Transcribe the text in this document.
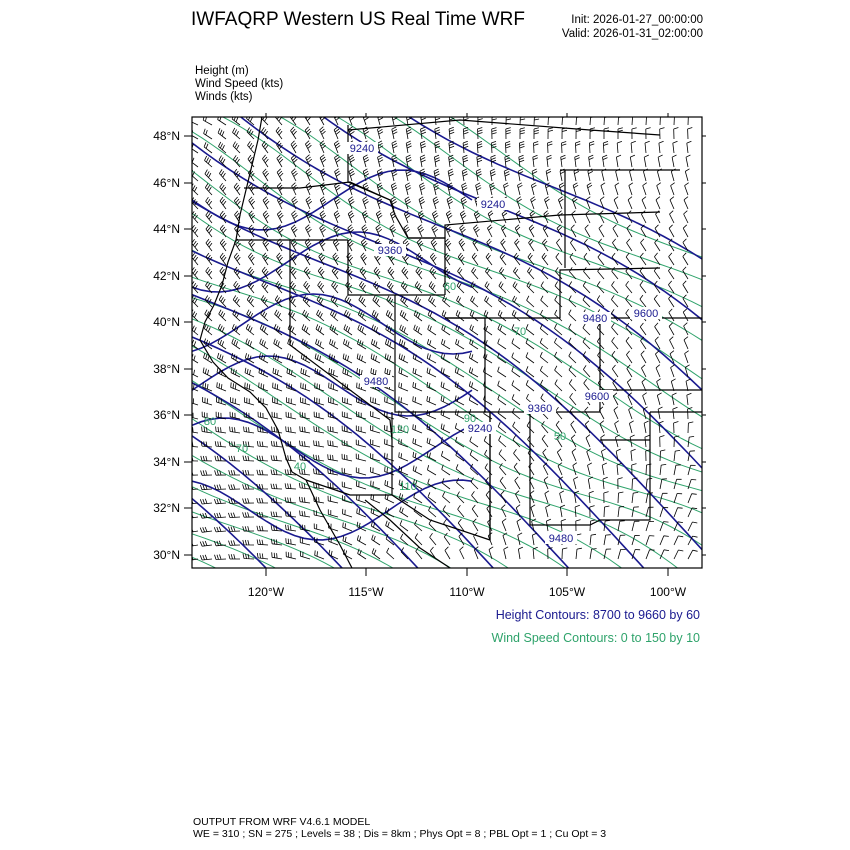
IWFAQRP Western US Real Time WRF	Init: 2026-01-27_00:00:00
Valid: 2026-01-31_02:00:00
Height (m)
Wind Speed (kts)
Winds (kts)
48°N
46°N
44°N
42°N
40°N
38°N
36°N
34°N
32°N
30°N
120°W	115°W	110°W	105°W	100°W
9240
9240
9360
9360
9480
9480
9480 9600
9600
9240
70
110
120
90
80
70
40
50
60
Height Contours: 8700 to 9660 by 60
Wind Speed Contours: 0 to 150 by 10
OUTPUT FROM WRF V4.6.1 MODEL
WE = 310 ; SN = 275 ; Levels = 38 ; Dis = 8km ; Phys Opt = 8 ; PBL Opt = 1 ; Cu Opt = 3
